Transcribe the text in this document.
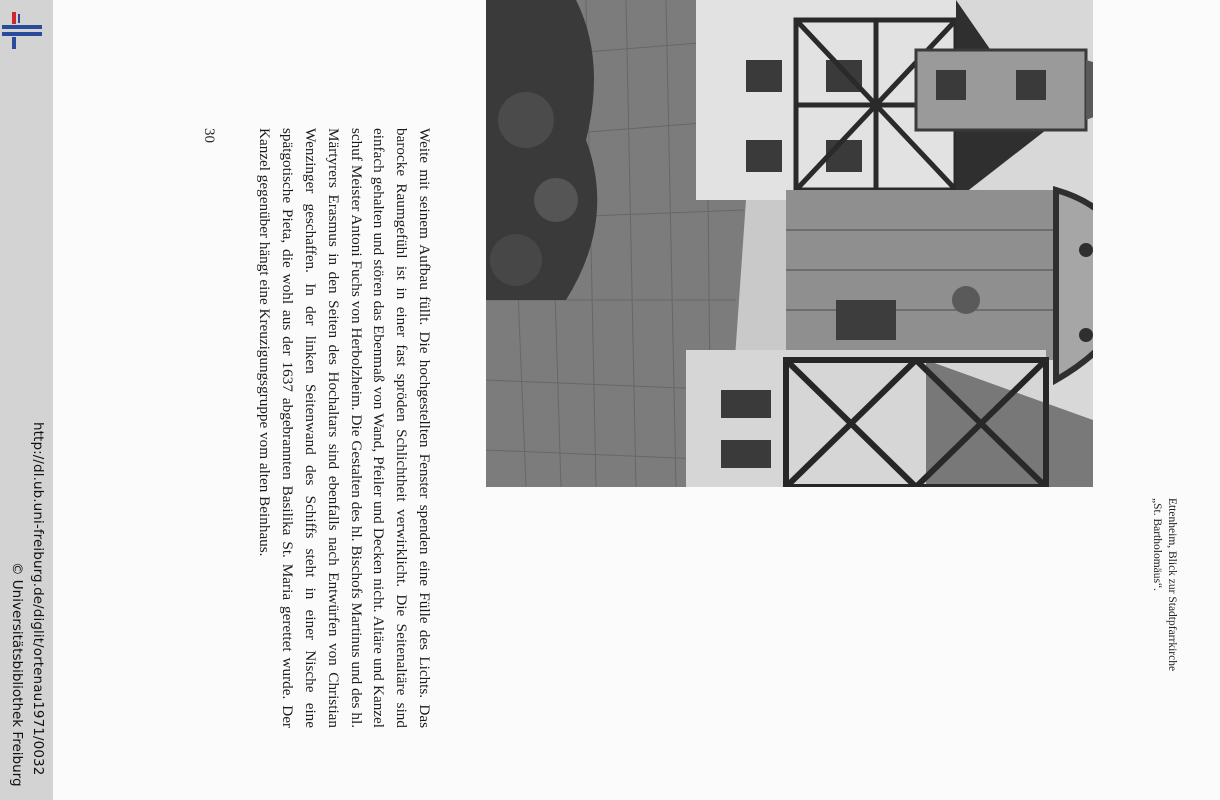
http://dl.ub.uni-freiburg.de/diglit/ortenau1971/0032
© Universitätsbibliothek Freiburg
30	Weite mit seinem Aufbau füllt. Die hochgestellten Fenster spenden eine Fülle des Lichts. Das barocke Raumgefühl ist in einer fast spröden Schlichtheit verwirklicht. Die Seitenaltäre sind einfach gehalten und stören das Ebenmaß von Wand, Pfeiler und Decken nicht. Altäre und Kanzel schuf Meister Antoni Fuchs von Herbolzheim. Die Gestalten des hl. Bischofs Martinus und des hl. Märtyrers Erasmus in den Seiten des Hochaltars sind ebenfalls nach Entwürfen von Christian Wenzinger geschaffen. In der linken Seitenwand des Schiffs steht in einer Nische eine spätgotische Pieta, die wohl aus der 1637 abgebrannten Basilika St. Maria gerettet wurde. Der Kanzel gegenüber hängt eine Kreuzigungsgruppe vom alten Beinhaus.

Ettenheim, Blick zur Stadtpfarrkirche
„St. Bartholomäus“.
